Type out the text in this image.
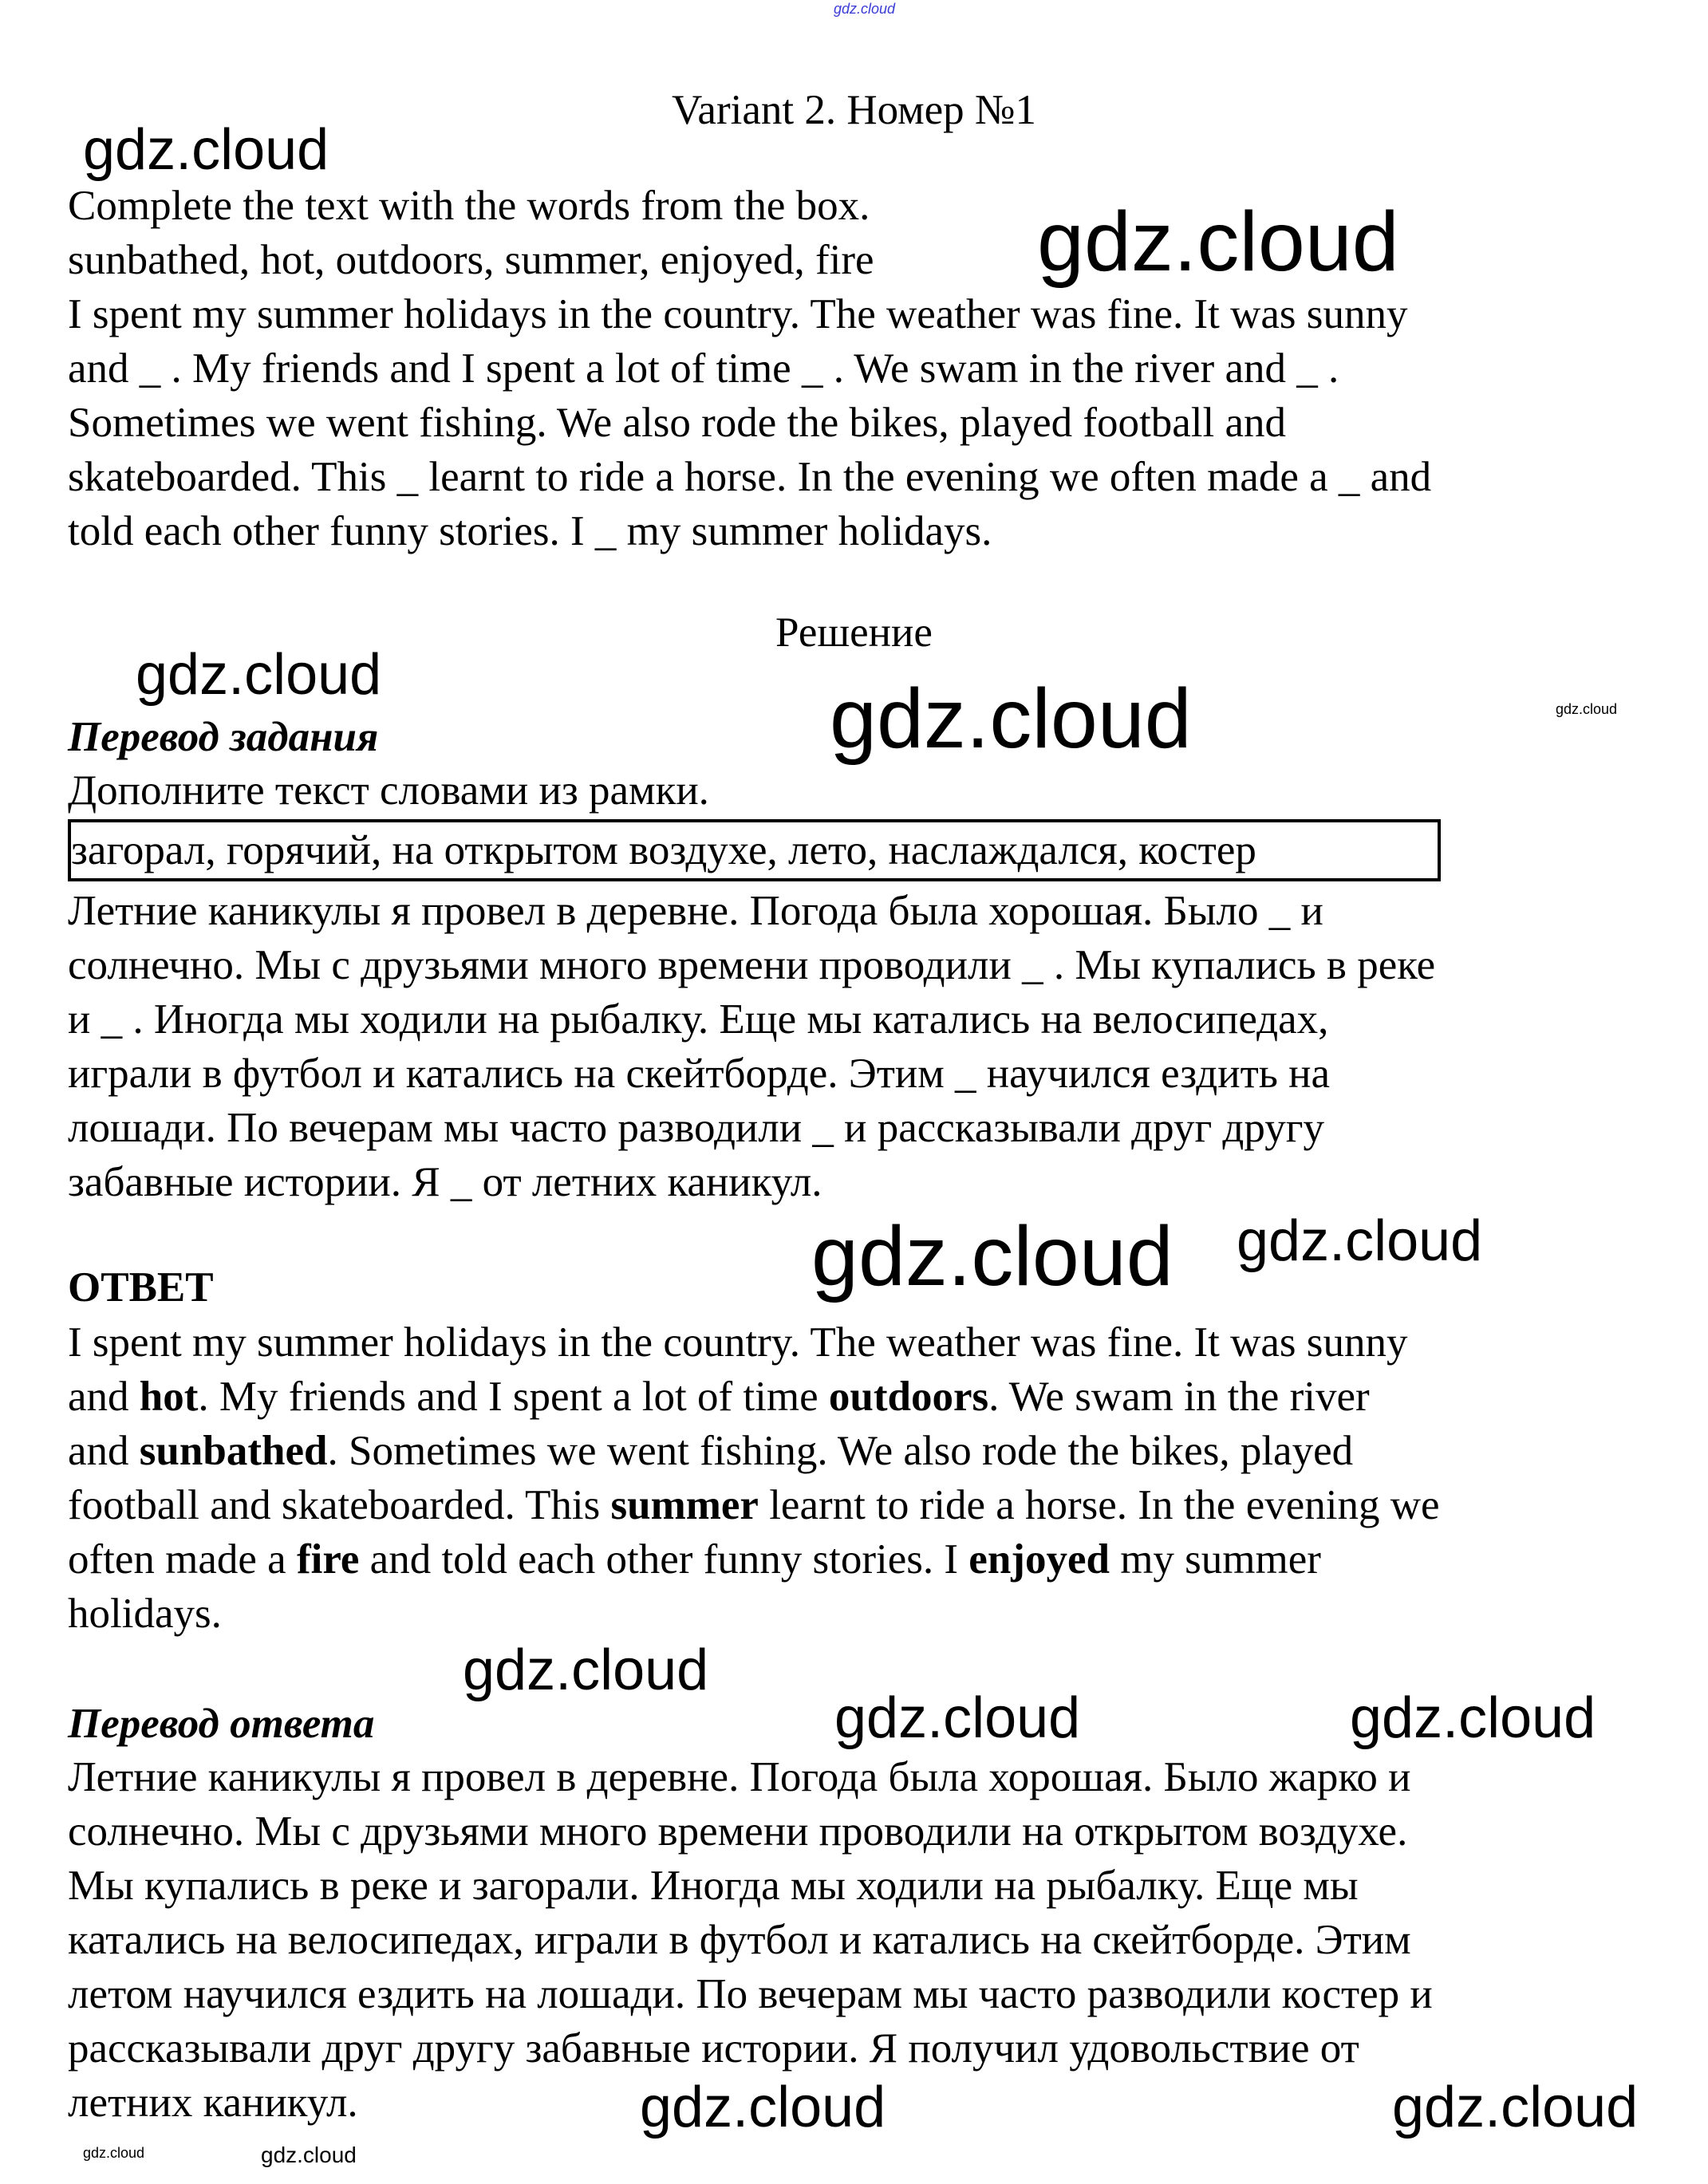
gdz.cloud
Variant 2. Номер №1
Complete the text with the words from the box.
sunbathed, hot, outdoors, summer, enjoyed, fire
I spent my summer holidays in the country. The weather was fine. It was sunny
and _ . My friends and I spent a lot of time _ . We swam in the river and _ .
Sometimes we went fishing. We also rode the bikes, played football and
skateboarded. This _ learnt to ride a horse. In the evening we often made a _ and
told each other funny stories. I _ my summer holidays.
Решение
Перевод задания
Дополните текст словами из рамки.
загорал, горячий, на открытом воздухе, лето, наслаждался, костер
Летние каникулы я провел в деревне. Погода была хорошая. Было _ и
солнечно. Мы с друзьями много времени проводили _ . Мы купались в реке
и _ . Иногда мы ходили на рыбалку. Еще мы катались на велосипедах,
играли в футбол и катались на скейтборде. Этим _ научился ездить на
лошади. По вечерам мы часто разводили _ и рассказывали друг другу
забавные истории. Я _ от летних каникул.
ОТВЕТ
I spent my summer holidays in the country. The weather was fine. It was sunny
and hot. My friends and I spent a lot of time outdoors. We swam in the river
and sunbathed. Sometimes we went fishing. We also rode the bikes, played
football and skateboarded. This summer learnt to ride a horse. In the evening we
often made a fire and told each other funny stories. I enjoyed my summer
holidays.
Перевод ответа
Летние каникулы я провел в деревне. Погода была хорошая. Было жарко и
солнечно. Мы с друзьями много времени проводили на открытом воздухе.
Мы купались в реке и загорали. Иногда мы ходили на рыбалку. Еще мы
катались на велосипедах, играли в футбол и катались на скейтборде. Этим
летом научился ездить на лошади. По вечерам мы часто разводили костер и
рассказывали друг другу забавные истории. Я получил удовольствие от
летних каникул.
gdz.cloud
gdz.cloud
gdz.cloud	gdz.cloud	gdz.cloud
gdz.cloud
gdz.cloud
gdz.cloud
gdz.cloud	gdz.cloud
gdz.cloud	gdz.cloud
gdz.cloud	gdz.cloud
